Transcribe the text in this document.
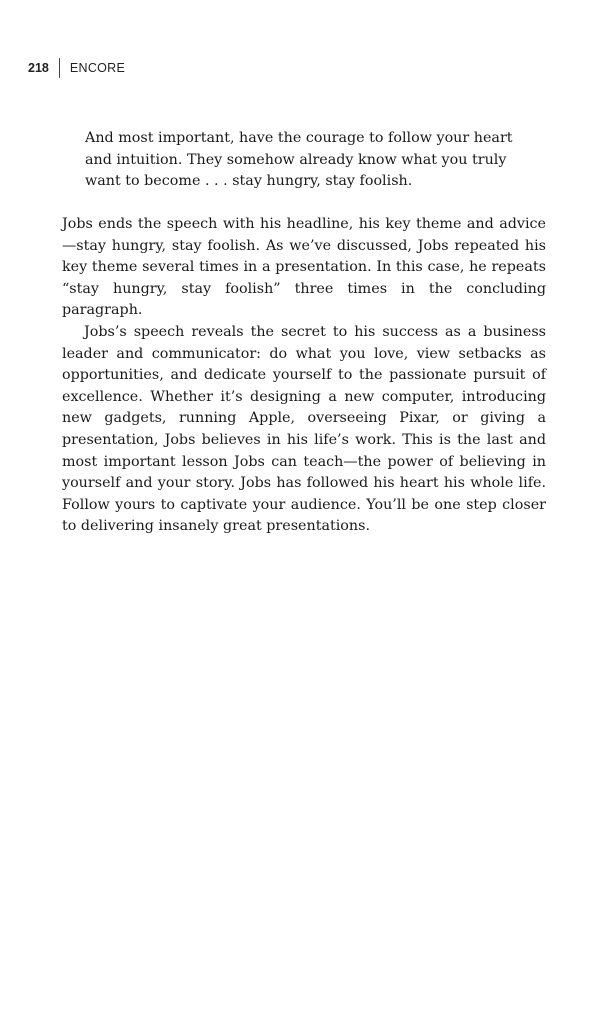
218 ENCORE
And most important, have the courage to follow your heart and intuition. They somehow already know what you truly want to become . . . stay hungry, stay foolish.

Jobs ends the speech with his headline, his key theme and advice—stay hungry, stay foolish. As we’ve discussed, Jobs repeated his key theme several times in a presentation. In this case, he repeats “stay hungry, stay foolish” three times in the concluding paragraph.

Jobs’s speech reveals the secret to his success as a business leader and communicator: do what you love, view setbacks as opportunities, and dedicate yourself to the passionate pursuit of excellence. Whether it’s designing a new computer, introducing new gadgets, running Apple, overseeing Pixar, or giving a presentation, Jobs believes in his life’s work. This is the last and most important lesson Jobs can teach—the power of believing in yourself and your story. Jobs has followed his heart his whole life. Follow yours to captivate your audience. You’ll be one step closer to delivering insanely great presentations.
